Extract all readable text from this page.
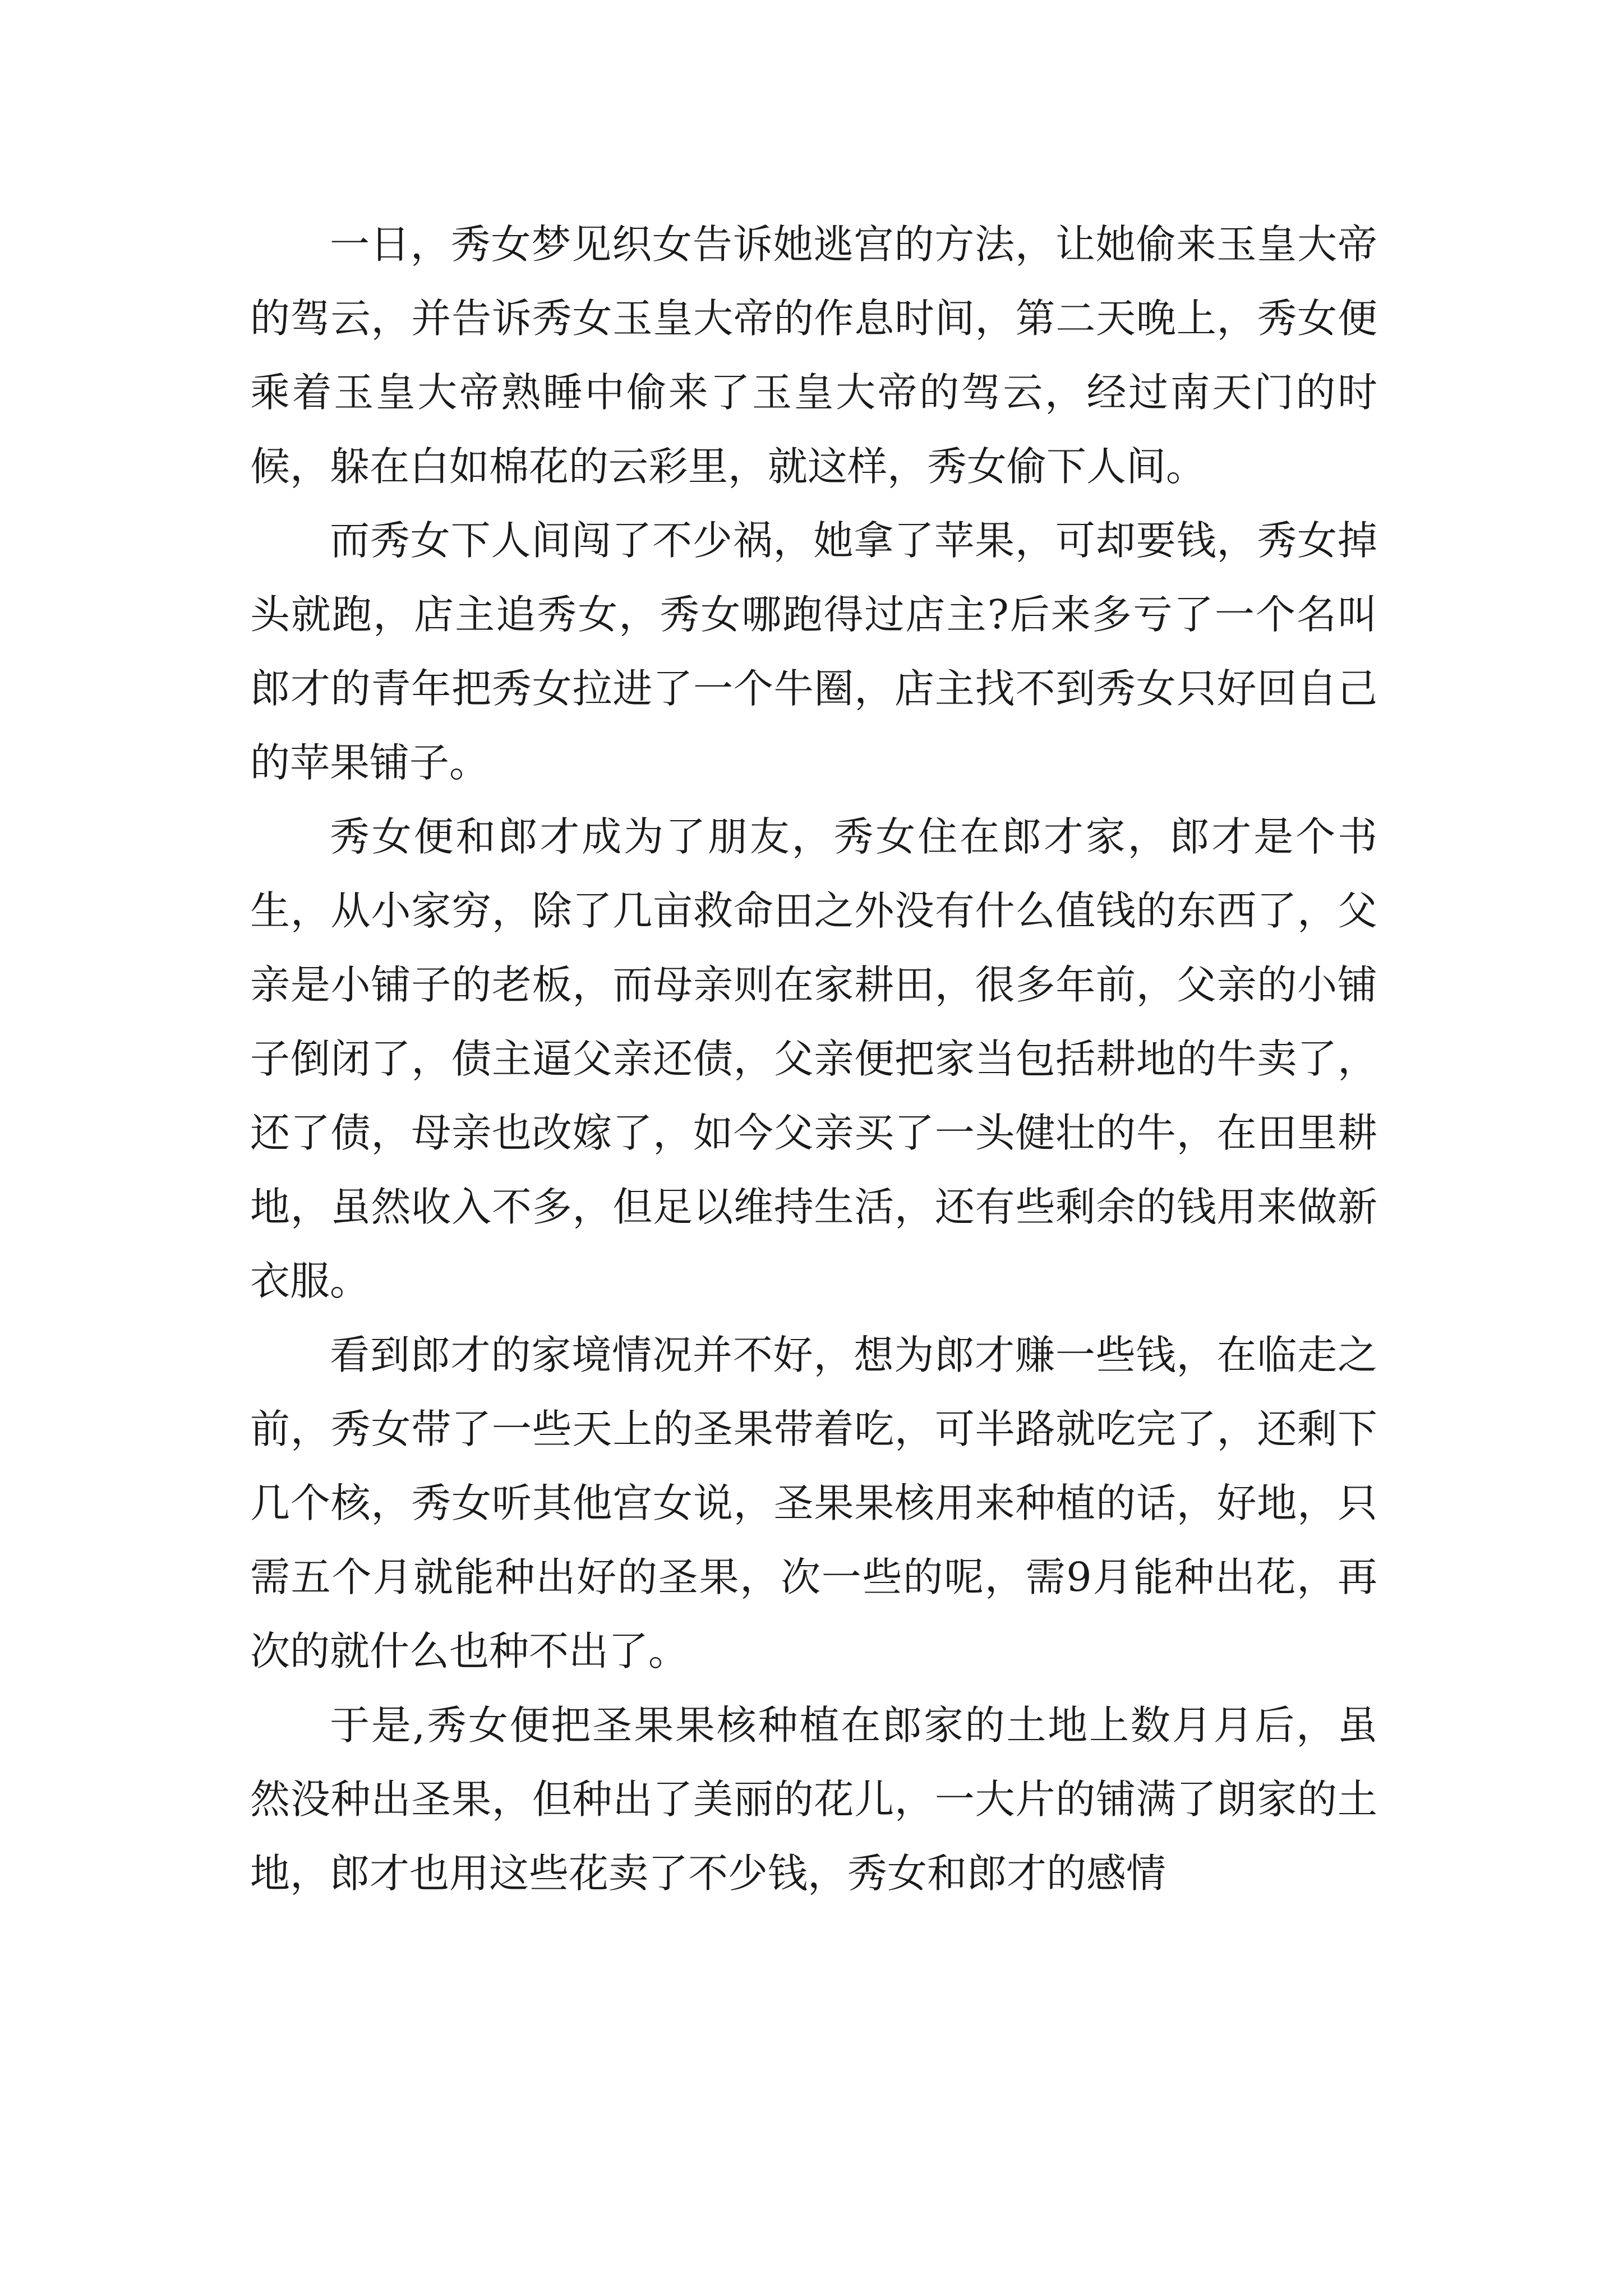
一日，秀女梦见织女告诉她逃宫的方法，让她偷来玉皇大帝的驾云，并告诉秀女玉皇大帝的作息时间，第二天晚上，秀女便乘着玉皇大帝熟睡中偷来了玉皇大帝的驾云，经过南天门的时候，躲在白如棉花的云彩里，就这样，秀女偷下人间。

而秀女下人间闯了不少祸，她拿了苹果，可却要钱，秀女掉头就跑，店主追秀女，秀女哪跑得过店主?后来多亏了一个名叫郎才的青年把秀女拉进了一个牛圈，店主找不到秀女只好回自己的苹果铺子。

秀女便和郎才成为了朋友，秀女住在郎才家，郎才是个书生，从小家穷，除了几亩救命田之外没有什么值钱的东西了，父亲是小铺子的老板，而母亲则在家耕田，很多年前，父亲的小铺子倒闭了，债主逼父亲还债，父亲便把家当包括耕地的牛卖了，还了债，母亲也改嫁了，如今父亲买了一头健壮的牛，在田里耕地，虽然收入不多，但足以维持生活，还有些剩余的钱用来做新衣服。

看到郎才的家境情况并不好，想为郎才赚一些钱，在临走之前，秀女带了一些天上的圣果带着吃，可半路就吃完了，还剩下几个核，秀女听其他宫女说，圣果果核用来种植的话，好地，只需五个月就能种出好的圣果，次一些的呢，需9月能种出花，再次的就什么也种不出了。

于是,秀女便把圣果果核种植在郎家的土地上数月月后，虽然没种出圣果，但种出了美丽的花儿，一大片的铺满了朗家的土地，郎才也用这些花卖了不少钱，秀女和郎才的感情
